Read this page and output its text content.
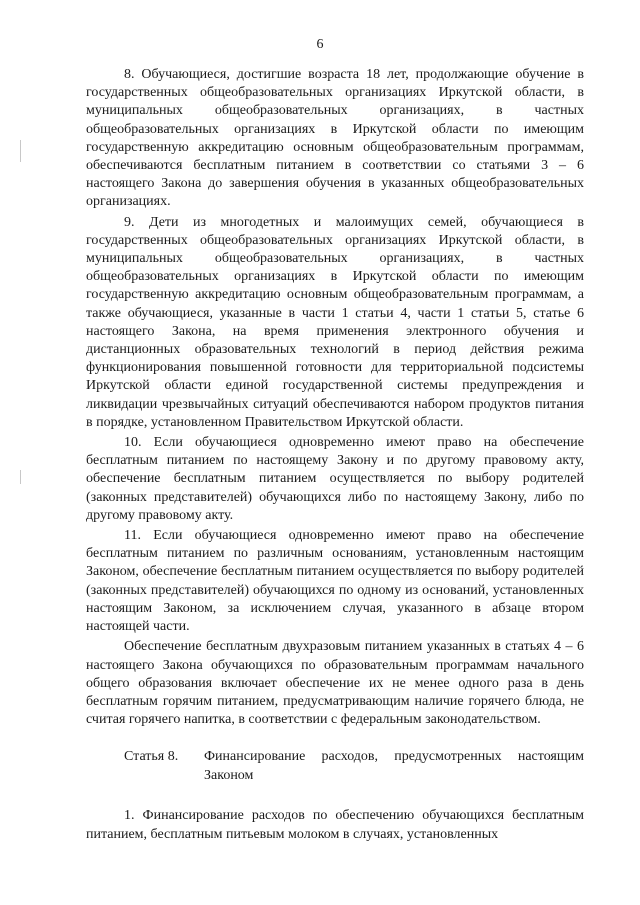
6

8. Обучающиеся, достигшие возраста 18 лет, продолжающие обучение в государственных общеобразовательных организациях Иркутской области, в муниципальных общеобразовательных организациях, в частных общеобразовательных организациях в Иркутской области по имеющим государственную аккредитацию основным общеобразовательным программам, обеспечиваются бесплатным питанием в соответствии со статьями 3 – 6 настоящего Закона до завершения обучения в указанных общеобразовательных организациях.

9. Дети из многодетных и малоимущих семей, обучающиеся в государственных общеобразовательных организациях Иркутской области, в муниципальных общеобразовательных организациях, в частных общеобразовательных организациях в Иркутской области по имеющим государственную аккредитацию основным общеобразовательным программам, а также обучающиеся, указанные в части 1 статьи 4, части 1 статьи 5, статье 6 настоящего Закона, на время применения электронного обучения и дистанционных образовательных технологий в период действия режима функционирования повышенной готовности для территориальной подсистемы Иркутской области единой государственной системы предупреждения и ликвидации чрезвычайных ситуаций обеспечиваются набором продуктов питания в порядке, установленном Правительством Иркутской области.

10. Если обучающиеся одновременно имеют право на обеспечение бесплатным питанием по настоящему Закону и по другому правовому акту, обеспечение бесплатным питанием осуществляется по выбору родителей (законных представителей) обучающихся либо по настоящему Закону, либо по другому правовому акту.

11. Если обучающиеся одновременно имеют право на обеспечение бесплатным питанием по различным основаниям, установленным настоящим Законом, обеспечение бесплатным питанием осуществляется по выбору родителей (законных представителей) обучающихся по одному из оснований, установленных настоящим Законом, за исключением случая, указанного в абзаце втором настоящей части.

Обеспечение бесплатным двухразовым питанием указанных в статьях 4 – 6 настоящего Закона обучающихся по образовательным программам начального общего образования включает обеспечение их не менее одного раза в день бесплатным горячим питанием, предусматривающим наличие горячего блюда, не считая горячего напитка, в соответствии с федеральным законодательством.

Статья 8.	Финансирование расходов, предусмотренных настоящим Законом

1. Финансирование расходов по обеспечению обучающихся бесплатным питанием, бесплатным питьевым молоком в случаях, установленных
